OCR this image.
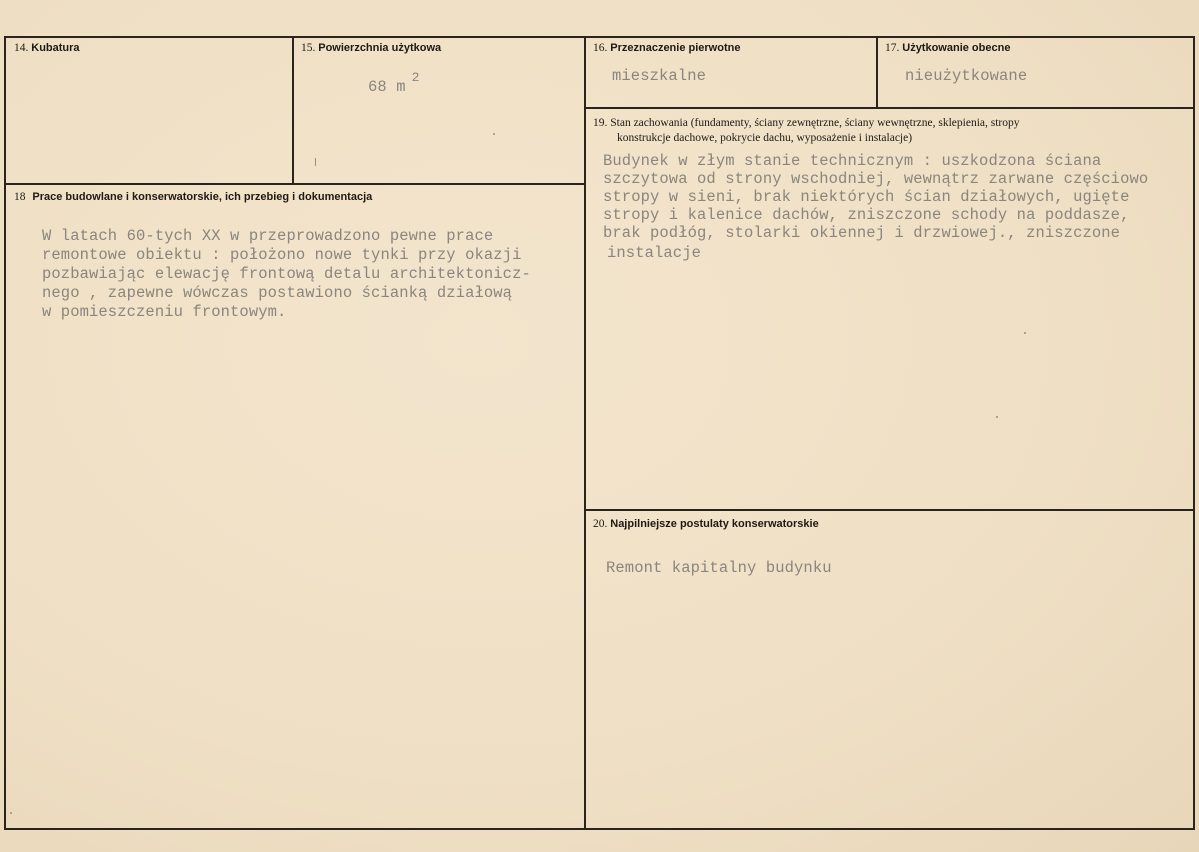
14. Kubatura	15. Powierzchnia użytkowa
68 $m^2$
16. Przeznaczenie pierwotne
mieszkalne
17. Użytkowanie obecne
nieużytkowane
18 Prace budowlane i konserwatorskie, ich przebieg i dokumentacja
W latach 60-tych XX w przeprowadzono pewne prace
remontowe obiektu : położono nowe tynki przy okazji
pozbawiając elewację frontową detalu architektonicz-
nego , zapewne wówczas postawiono ścianką działową
w pomieszczeniu frontowym.
19. Stan zachowania (fundamenty, ściany zewnętrzne, ściany wewnętrzne, sklepienia, stropy
konstrukcje dachowe, pokrycie dachu, wyposażenie i instalacje)
Budynek w złym stanie technicznym : uszkodzona ściana
szczytowa od strony wschodniej, wewnątrz zarwane częściowo
stropy w sieni, brak niektórych ścian działowych, ugięte
stropy i kalenice dachów, zniszczone schody na poddasze,
brak podłóg, stolarki okiennej i drzwiowej., zniszczone
instalacje
20. Najpilniejsze postulaty konserwatorskie
Remont kapitalny budynku
